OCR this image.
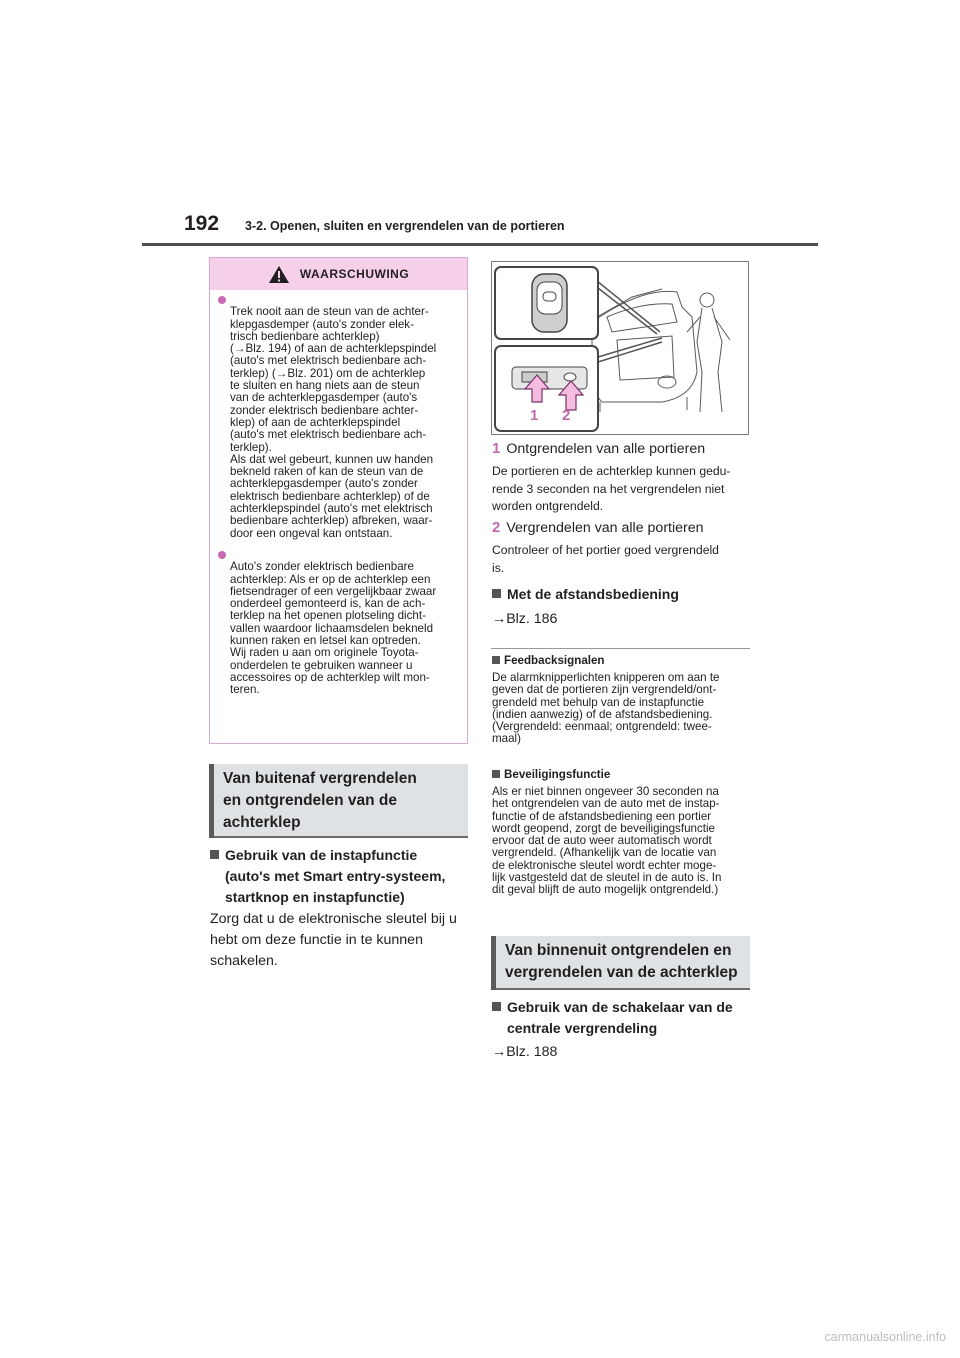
192 3-2. Openen, sluiten en vergrendelen van de portieren
WAARSCHUWING

Trek nooit aan de steun van de achter-
klepgasdemper (auto's zonder elek-
trisch bedienbare achterklep)
(→Blz. 194) of aan de achterklepspindel
(auto's met elektrisch bedienbare ach-
terklep) (→Blz. 201) om de achterklep
te sluiten en hang niets aan de steun
van de achterklepgasdemper (auto's
zonder elektrisch bedienbare achter-
klep) of aan de achterklepspindel
(auto's met elektrisch bedienbare ach-
terklep).
Als dat wel gebeurt, kunnen uw handen
bekneld raken of kan de steun van de
achterklepgasdemper (auto's zonder
elektrisch bedienbare achterklep) of de
achterklepspindel (auto's met elektrisch
bedienbare achterklep) afbreken, waar-
door een ongeval kan ontstaan.

Auto's zonder elektrisch bedienbare
achterklep: Als er op de achterklep een
fietsendrager of een vergelijkbaar zwaar
onderdeel gemonteerd is, kan de ach-
terklep na het openen plotseling dicht-
vallen waardoor lichaamsdelen bekneld
kunnen raken en letsel kan optreden.
Wij raden u aan om originele Toyota-
onderdelen te gebruiken wanneer u
accessoires op de achterklep wilt mon-
teren.

Van buitenaf vergrendelen
en ontgrendelen van de
achterklep
Gebruik van de instapfunctie
(auto's met Smart entry-systeem,
startknop en instapfunctie)
Zorg dat u de elektronische sleutel bij u
hebt om deze functie in te kunnen
schakelen.
1 2
1 Ontgrendelen van alle portieren
De portieren en de achterklep kunnen gedu-
rende 3 seconden na het vergrendelen niet
worden ontgrendeld.
2 Vergrendelen van alle portieren
Controleer of het portier goed vergrendeld
is.
Met de afstandsbediening
→Blz. 186
Feedbacksignalen
De alarmknipperlichten knipperen om aan te
geven dat de portieren zijn vergrendeld/ont-
grendeld met behulp van de instapfunctie
(indien aanwezig) of de afstandsbediening.
(Vergrendeld: eenmaal; ontgrendeld: twee-
maal)
Beveiligingsfunctie
Als er niet binnen ongeveer 30 seconden na
het ontgrendelen van de auto met de instap-
functie of de afstandsbediening een portier
wordt geopend, zorgt de beveiligingsfunctie
ervoor dat de auto weer automatisch wordt
vergrendeld. (Afhankelijk van de locatie van
de elektronische sleutel wordt echter moge-
lijk vastgesteld dat de sleutel in de auto is. In
dit geval blijft de auto mogelijk ontgrendeld.)
Van binnenuit ontgrendelen en
vergrendelen van de achterklep
Gebruik van de schakelaar van de
centrale vergrendeling
→Blz. 188
carmanualsonline.info
